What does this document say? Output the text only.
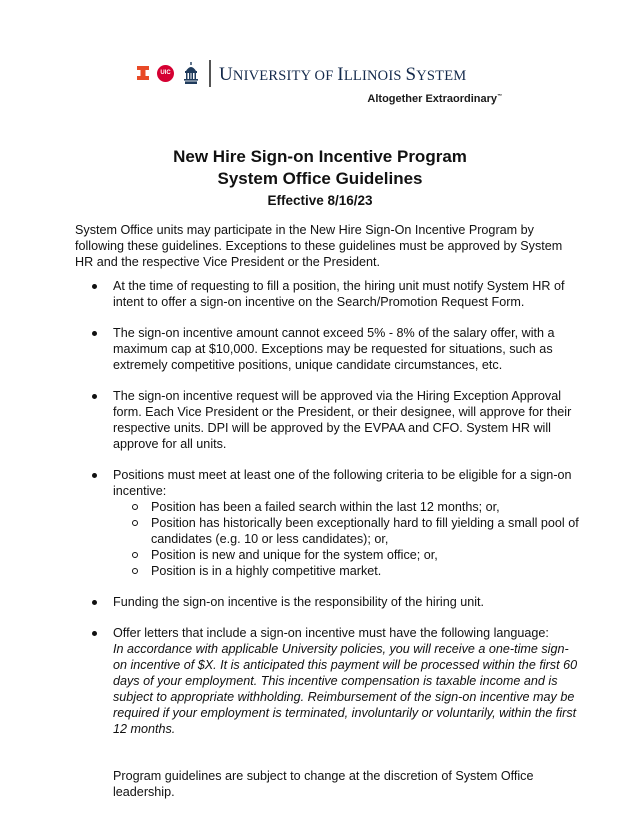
UIC	UNIVERSITY OF ILLINOIS SYSTEM
Altogether Extraordinary™
New Hire Sign-on Incentive Program
System Office Guidelines
Effective 8/16/23

System Office units may participate in the New Hire Sign-On Incentive Program by following these guidelines. Exceptions to these guidelines must be approved by System HR and the respective Vice President or the President.

At the time of requesting to fill a position, the hiring unit must notify System HR of intent to offer a sign-on incentive on the Search/Promotion Request Form.
The sign-on incentive amount cannot exceed 5% - 8% of the salary offer, with a maximum cap at $10,000. Exceptions may be requested for situations, such as extremely competitive positions, unique candidate circumstances, etc.
The sign-on incentive request will be approved via the Hiring Exception Approval form. Each Vice President or the President, or their designee, will approve for their respective units. DPI will be approved by the EVPAA and CFO. System HR will approve for all units.
Positions must meet at least one of the following criteria to be eligible for a sign-on incentive:
Position has been a failed search within the last 12 months; or,
Position has historically been exceptionally hard to fill yielding a small pool of candidates (e.g. 10 or less candidates); or,
Position is new and unique for the system office; or,
Position is in a highly competitive market.
Funding the sign-on incentive is the responsibility of the hiring unit.
Offer letters that include a sign-on incentive must have the following language:
In accordance with applicable University policies, you will receive a one-time sign-on incentive of $X. It is anticipated this payment will be processed within the first 60 days of your employment. This incentive compensation is taxable income and is subject to appropriate withholding. Reimbursement of the sign-on incentive may be required if your employment is terminated, involuntarily or voluntarily, within the first 12 months.

Program guidelines are subject to change at the discretion of System Office leadership.
